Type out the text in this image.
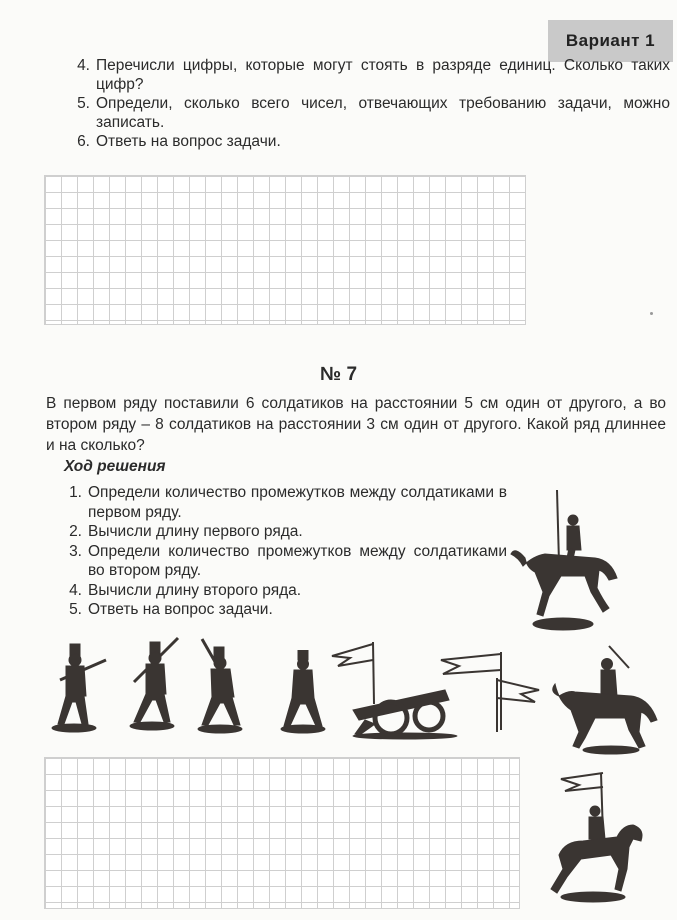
Вариант 1
4. Перечисли цифры, которые могут стоять в разряде единиц. Сколько таких цифр?
5. Определи, сколько всего чисел, отвечающих требованию задачи, можно записать.
6. Ответь на вопрос задачи.
№ 7
В первом ряду поставили 6 солдатиков на расстоянии 5 см один от другого, а во втором ряду – 8 солдатиков на расстоянии 3 см один от другого. Какой ряд длиннее и на сколько?
Ход решения
1. Определи количество промежутков между солдатиками в первом ряду.
2. Вычисли длину первого ряда.
3. Определи количество промежутков между солдатиками во втором ряду.
4. Вычисли длину второго ряда.
5. Ответь на вопрос задачи.
